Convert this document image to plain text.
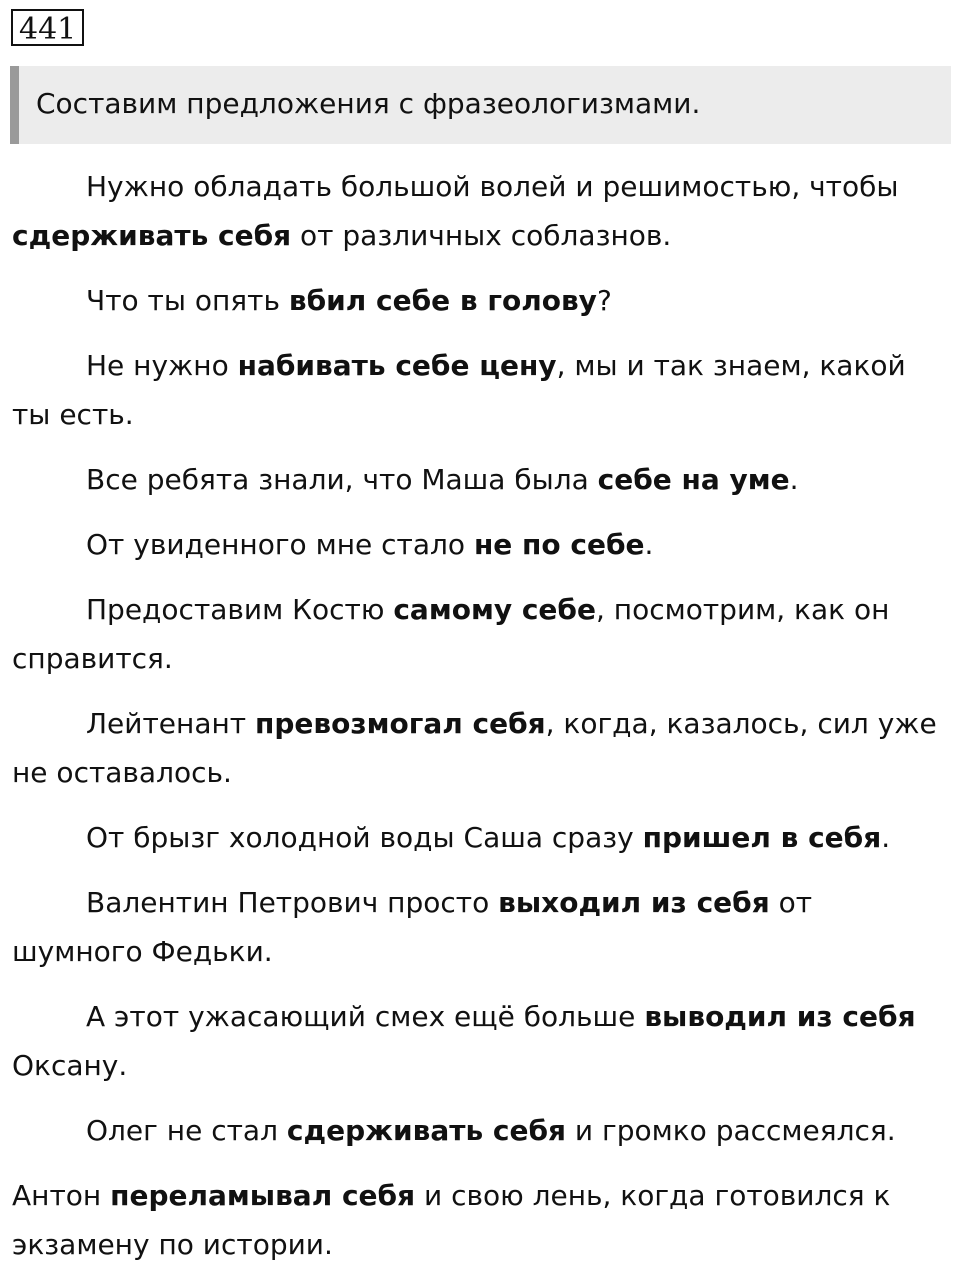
441
Составим предложения с фразеологизмами.

Нужно обладать большой волей и решимостью, чтобы сдерживать себя от различных соблазнов.

Что ты опять вбил себе в голову?

Не нужно набивать себе цену, мы и так знаем, какой ты есть.

Все ребята знали, что Маша была себе на уме.

От увиденного мне стало не по себе.

Предоставим Костю самому себе, посмотрим, как он справится.

Лейтенант превозмогал себя, когда, казалось, сил уже не оставалось.

От брызг холодной воды Саша сразу пришел в себя.

Валентин Петрович просто выходил из себя от шумного Федьки.

А этот ужасающий смех ещё больше выводил из себя Оксану.

Олег не стал сдерживать себя и громко рассмеялся.

Антон переламывал себя и свою лень, когда готовился к экзамену по истории.
